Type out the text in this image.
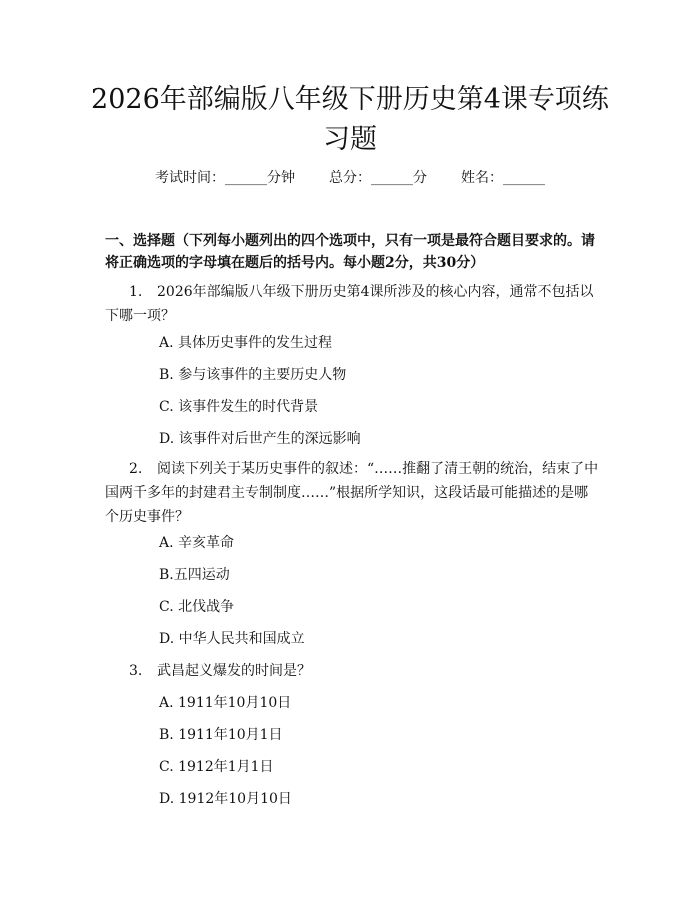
2026年部编版八年级下册历史第4课专项练习题
考试时间：______分钟 总分：______分 姓名：______

一、选择题（下列每小题列出的四个选项中，只有一项是最符合题目要求的。请将正确选项的字母填在题后的括号内。每小题2分，共30分）

1. 2026年部编版八年级下册历史第4课所涉及的核心内容，通常不包括以下哪一项？

A. 具体历史事件的发生过程

B. 参与该事件的主要历史人物

C. 该事件发生的时代背景

D. 该事件对后世产生的深远影响

2. 阅读下列关于某历史事件的叙述：“……推翻了清王朝的统治，结束了中国两千多年的封建君主专制制度……”根据所学知识，这段话最可能描述的是哪个历史事件？

A. 辛亥革命

B.五四运动

C. 北伐战争

D. 中华人民共和国成立

3. 武昌起义爆发的时间是？

A. 1911年10月10日

B. 1911年10月1日

C. 1912年1月1日

D. 1912年10月10日
